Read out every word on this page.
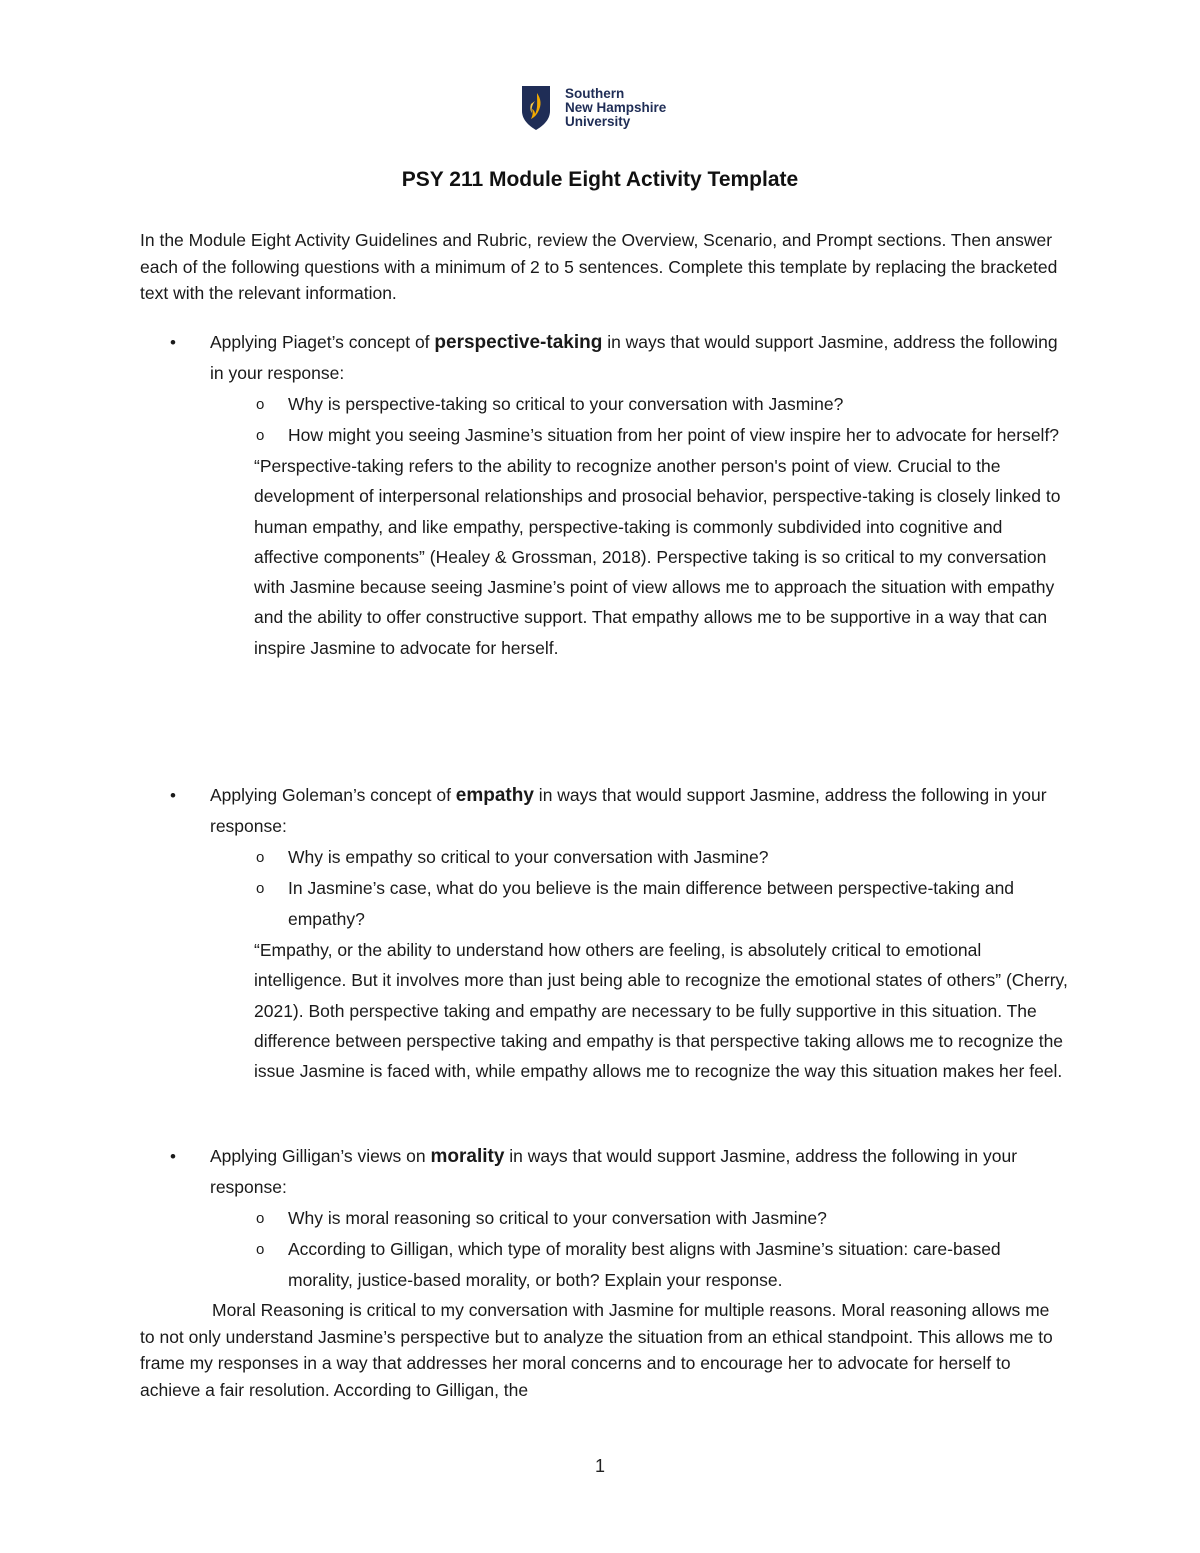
Southern
New Hampshire
University
PSY 211 Module Eight Activity Template
In the Module Eight Activity Guidelines and Rubric, review the Overview, Scenario, and Prompt sections. Then answer each of the following questions with a minimum of 2 to 5 sentences. Complete this template by replacing the bracketed text with the relevant information.
• Applying Piaget’s concept of perspective-taking in ways that would support Jasmine, address the following in your response:
o Why is perspective-taking so critical to your conversation with Jasmine?
o How might you seeing Jasmine’s situation from her point of view inspire her to advocate for herself?
“Perspective-taking refers to the ability to recognize another person's point of view. Crucial to the development of interpersonal relationships and prosocial behavior, perspective-taking is closely linked to human empathy, and like empathy, perspective-taking is commonly subdivided into cognitive and affective components” (Healey & Grossman, 2018). Perspective taking is so critical to my conversation with Jasmine because seeing Jasmine’s point of view allows me to approach the situation with empathy and the ability to offer constructive support. That empathy allows me to be supportive in a way that can inspire Jasmine to advocate for herself.
• Applying Goleman’s concept of empathy in ways that would support Jasmine, address the following in your response:
o Why is empathy so critical to your conversation with Jasmine?
o In Jasmine’s case, what do you believe is the main difference between perspective-taking and empathy?
“Empathy, or the ability to understand how others are feeling, is absolutely critical to emotional intelligence. But it involves more than just being able to recognize the emotional states of others” (Cherry, 2021). Both perspective taking and empathy are necessary to be fully supportive in this situation. The difference between perspective taking and empathy is that perspective taking allows me to recognize the issue Jasmine is faced with, while empathy allows me to recognize the way this situation makes her feel.
• Applying Gilligan’s views on morality in ways that would support Jasmine, address the following in your response:
o Why is moral reasoning so critical to your conversation with Jasmine?
o According to Gilligan, which type of morality best aligns with Jasmine’s situation: care-based morality, justice-based morality, or both? Explain your response.
Moral Reasoning is critical to my conversation with Jasmine for multiple reasons. Moral reasoning allows me to not only understand Jasmine’s perspective but to analyze the situation from an ethical standpoint. This allows me to frame my responses in a way that addresses her moral concerns and to encourage her to advocate for herself to achieve a fair resolution. According to Gilligan, the
1
